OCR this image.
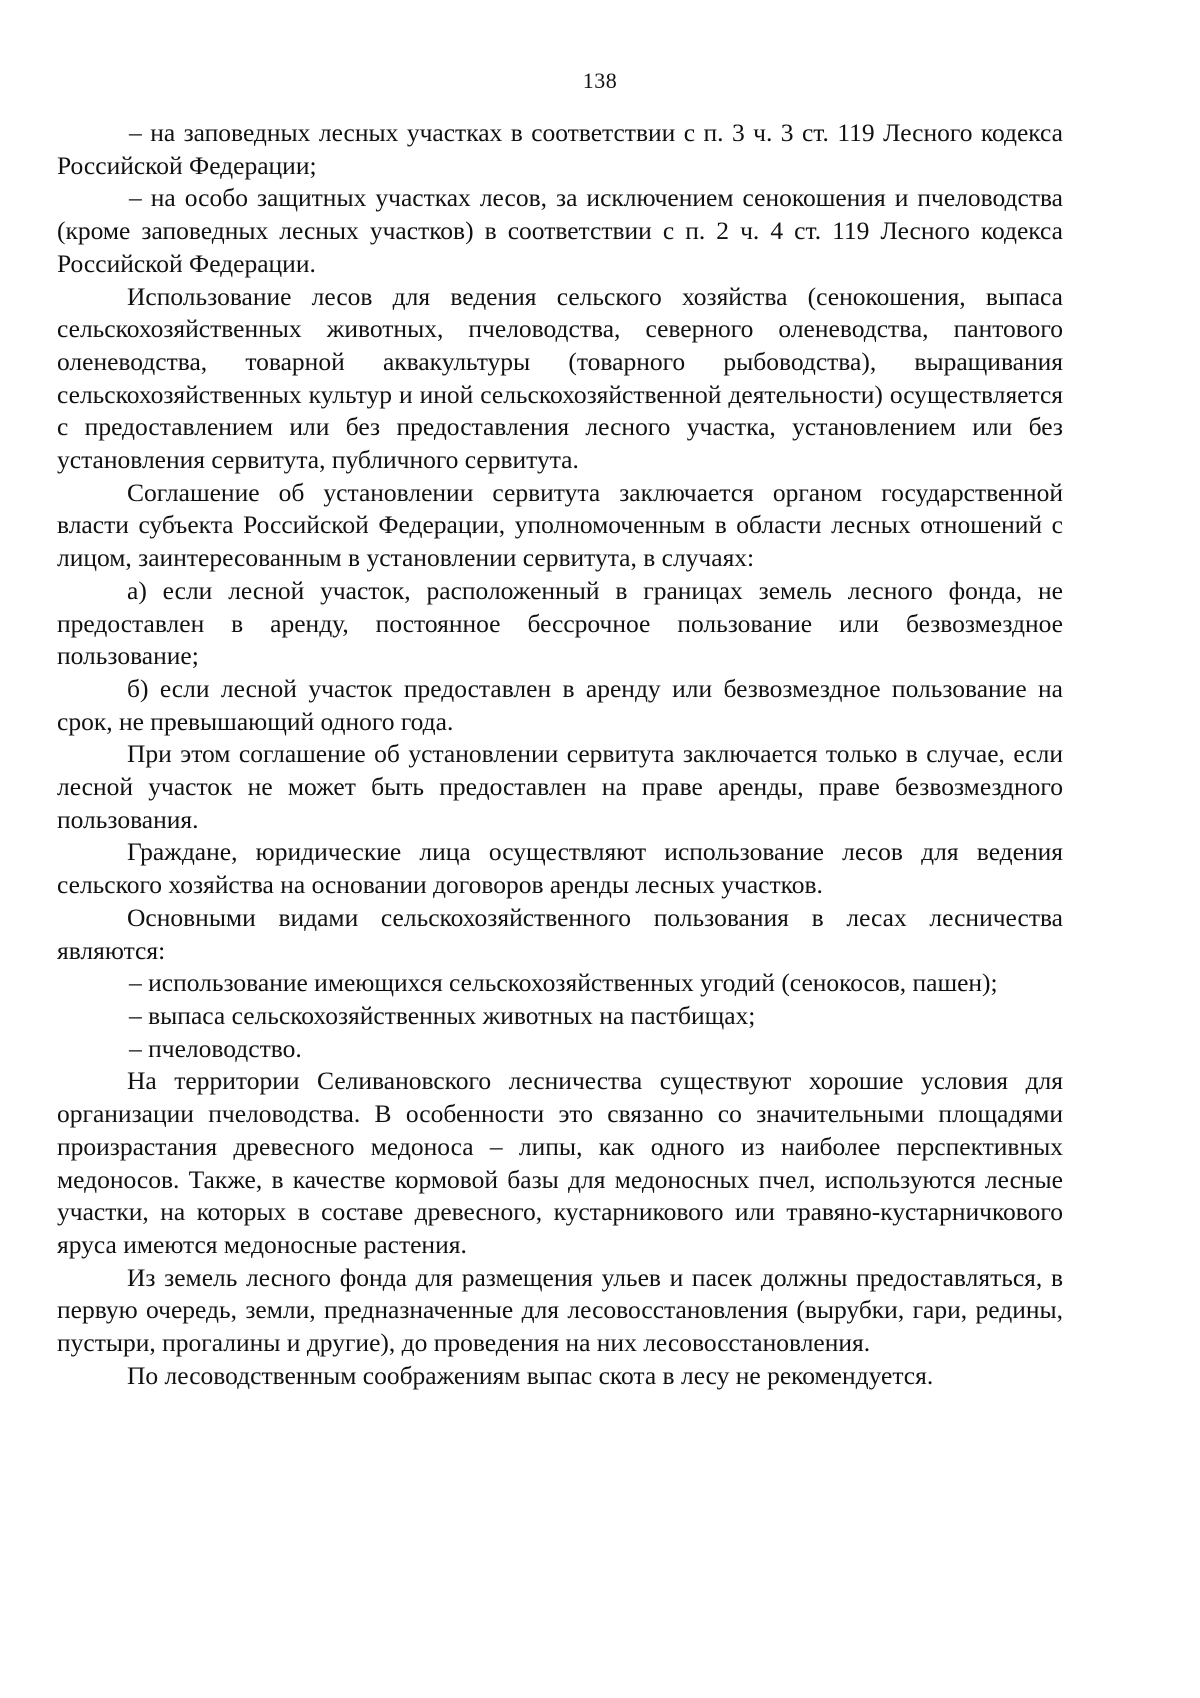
138

– на заповедных лесных участках в соответствии с п. 3 ч. 3 ст. 119 Лесного кодекса Российской Федерации;

– на особо защитных участках лесов, за исключением сенокошения и пчеловодства (кроме заповедных лесных участков) в соответствии с п. 2 ч. 4 ст. 119 Лесного кодекса Российской Федерации.

Использование лесов для ведения сельского хозяйства (сенокошения, выпаса сельскохозяйственных животных, пчеловодства, северного оленеводства, пантового оленеводства, товарной аквакультуры (товарного рыбоводства), выращивания сельскохозяйственных культур и иной сельскохозяйственной деятельности) осуществляется с предоставлением или без предоставления лесного участка, установлением или без установления сервитута, публичного сервитута.

Соглашение об установлении сервитута заключается органом государственной власти субъекта Российской Федерации, уполномоченным в области лесных отношений с лицом, заинтересованным в установлении сервитута, в случаях:

а) если лесной участок, расположенный в границах земель лесного фонда, не предоставлен в аренду, постоянное бессрочное пользование или безвозмездное пользование;

б) если лесной участок предоставлен в аренду или безвозмездное пользование на срок, не превышающий одного года.

При этом соглашение об установлении сервитута заключается только в случае, если лесной участок не может быть предоставлен на праве аренды, праве безвозмездного пользования.

Граждане, юридические лица осуществляют использование лесов для ведения сельского хозяйства на основании договоров аренды лесных участков.

Основными видами сельскохозяйственного пользования в лесах лесничества являются:

– использование имеющихся сельскохозяйственных угодий (сенокосов, пашен);

– выпаса сельскохозяйственных животных на пастбищах;

– пчеловодство.

На территории Селивановского лесничества существуют хорошие условия для организации пчеловодства. В особенности это связанно со значительными площадями произрастания древесного медоноса – липы, как одного из наиболее перспективных медоносов. Также, в качестве кормовой базы для медоносных пчел, используются лесные участки, на которых в составе древесного, кустарникового или травяно-кустарничкового яруса имеются медоносные растения.

Из земель лесного фонда для размещения ульев и пасек должны предоставляться, в первую очередь, земли, предназначенные для лесовосстановления (вырубки, гари, редины, пустыри, прогалины и другие), до проведения на них лесовосстановления.

По лесоводственным соображениям выпас скота в лесу не рекомендуется.
